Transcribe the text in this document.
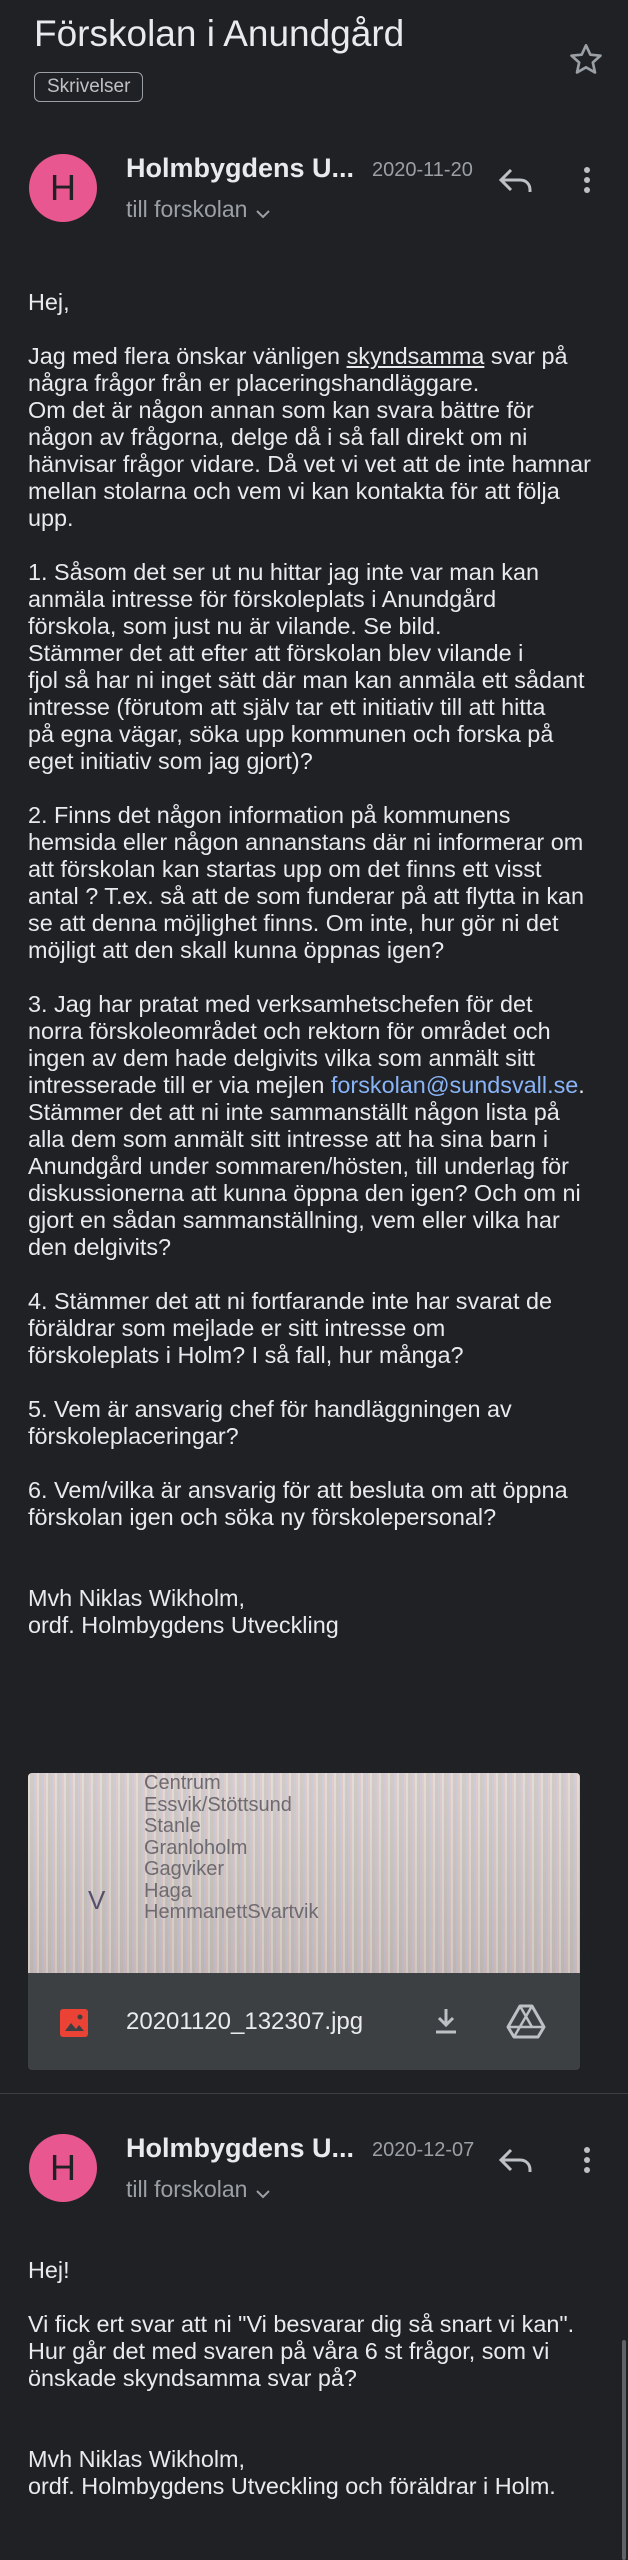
Förskolan i Anundgård
Skrivelser
H	Holmbygdens U... 2020-11-20
till forskolan
Hej,
Jag med flera önskar vänligen skyndsamma svar på
några frågor från er placeringshandläggare.
Om det är någon annan som kan svara bättre för
någon av frågorna, delge då i så fall direkt om ni
hänvisar frågor vidare. Då vet vi vet att de inte hamnar
mellan stolarna och vem vi kan kontakta för att följa
upp.
1. Såsom det ser ut nu hittar jag inte var man kan
anmäla intresse för förskoleplats i Anundgård
förskola, som just nu är vilande. Se bild.
Stämmer det att efter att förskolan blev vilande i
fjol så har ni inget sätt där man kan anmäla ett sådant
intresse (förutom att själv tar ett initiativ till att hitta
på egna vägar, söka upp kommunen och forska på
eget initiativ som jag gjort)?
2. Finns det någon information på kommunens
hemsida eller någon annanstans där ni informerar om
att förskolan kan startas upp om det finns ett visst
antal ? T.ex. så att de som funderar på att flytta in kan
se att denna möjlighet finns. Om inte, hur gör ni det
möjligt att den skall kunna öppnas igen?
3. Jag har pratat med verksamhetschefen för det
norra förskoleområdet och rektorn för området och
ingen av dem hade delgivits vilka som anmält sitt
intresserade till er via mejlen forskolan@sundsvall.se.
Stämmer det att ni inte sammanställt någon lista på
alla dem som anmält sitt intresse att ha sina barn i
Anundgård under sommaren/hösten, till underlag för
diskussionerna att kunna öppna den igen? Och om ni
gjort en sådan sammanställning, vem eller vilka har
den delgivits?
4. Stämmer det att ni fortfarande inte har svarat de
föräldrar som mejlade er sitt intresse om
förskoleplats i Holm? I så fall, hur många?
5. Vem är ansvarig chef för handläggningen av
förskoleplaceringar?
6. Vem/vilka är ansvarig för att besluta om att öppna
förskolan igen och söka ny förskolepersonal?
Mvh Niklas Wikholm,
ordf. Holmbygdens Utveckling
Centrum
Essvik/Stöttsund
Stanle
Granloholm
Gagviker
Haga
HemmanettSvartvik
V
20201120_132307.jpg
H	Holmbygdens U... 2020-12-07
till forskolan
Hej!
Vi fick ert svar att ni "Vi besvarar dig så snart vi kan".
Hur går det med svaren på våra 6 st frågor, som vi
önskade skyndsamma svar på?
Mvh Niklas Wikholm,
ordf. Holmbygdens Utveckling och föräldrar i Holm.
